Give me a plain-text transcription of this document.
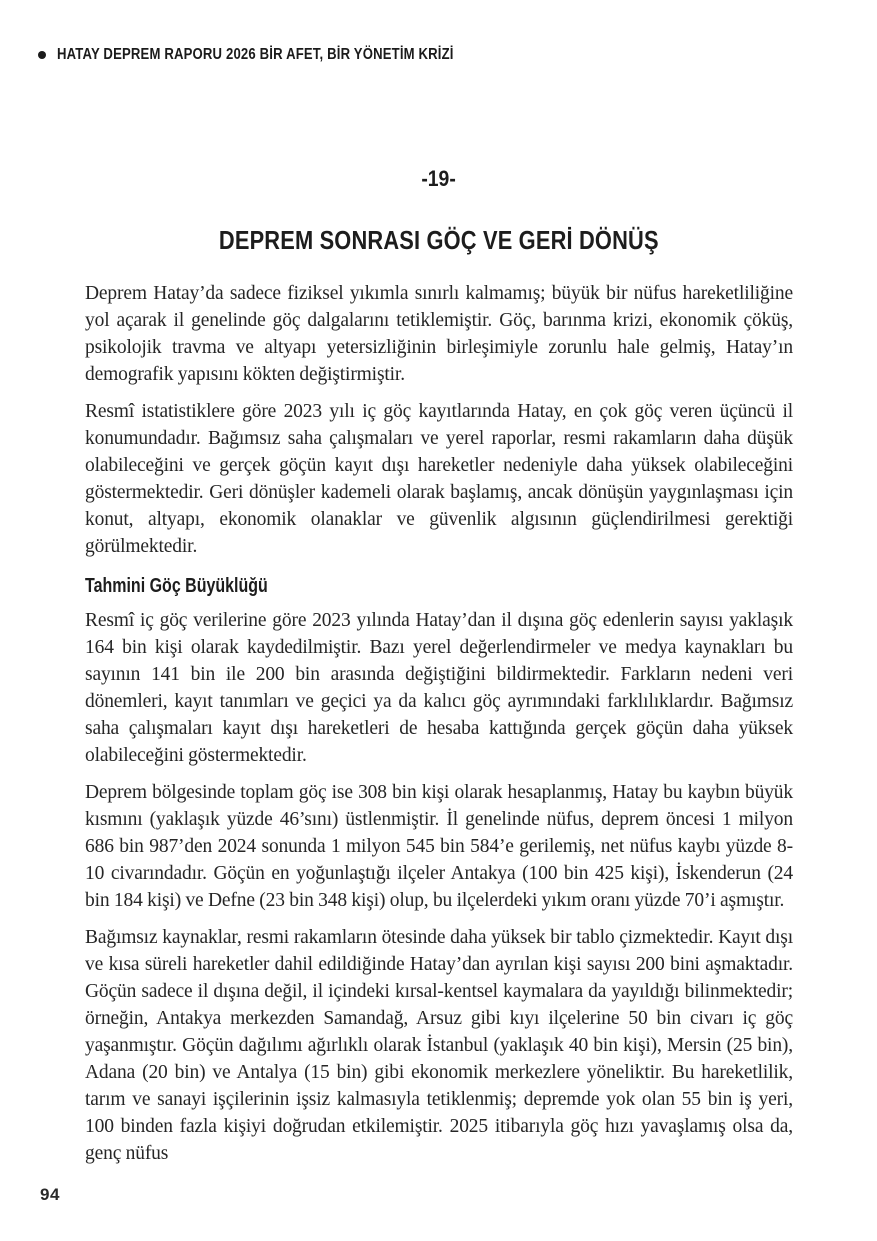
HATAY DEPREM RAPORU 2026 BİR AFET, BİR YÖNETİM KRİZİ
-19-
DEPREM SONRASI GÖÇ VE GERİ DÖNÜŞ

Deprem Hatay’da sadece fiziksel yıkımla sınırlı kalmamış; büyük bir nüfus hareketliliğine yol açarak il genelinde göç dalgalarını tetiklemiştir. Göç, barınma krizi, ekonomik çöküş, psikolojik travma ve altyapı yetersizliğinin birleşimiyle zorunlu hale gelmiş, Hatay’ın demografik yapısını kökten değiştirmiştir.

Resmî istatistiklere göre 2023 yılı iç göç kayıtlarında Hatay, en çok göç veren üçüncü il konumundadır. Bağımsız saha çalışmaları ve yerel raporlar, resmi rakamların daha düşük olabileceğini ve gerçek göçün kayıt dışı hareketler nedeniyle daha yüksek olabileceğini göstermektedir. Geri dönüşler kademeli olarak başlamış, ancak dönüşün yaygınlaşması için konut, altyapı, ekonomik olanaklar ve güvenlik algısının güçlendirilmesi gerektiği görülmektedir.

Tahmini Göç Büyüklüğü

Resmî iç göç verilerine göre 2023 yılında Hatay’dan il dışına göç edenlerin sayısı yaklaşık 164 bin kişi olarak kaydedilmiştir. Bazı yerel değerlendirmeler ve medya kaynakları bu sayının 141 bin ile 200 bin arasında değiştiğini bildirmektedir. Farkların nedeni veri dönemleri, kayıt tanımları ve geçici ya da kalıcı göç ayrımındaki farklılıklardır. Bağımsız saha çalışmaları kayıt dışı hareketleri de hesaba kattığında gerçek göçün daha yüksek olabileceğini göstermektedir.

Deprem bölgesinde toplam göç ise 308 bin kişi olarak hesaplanmış, Hatay bu kaybın büyük kısmını (yaklaşık yüzde 46’sını) üstlenmiştir. İl genelinde nüfus, deprem öncesi 1 milyon 686 bin 987’den 2024 sonunda 1 milyon 545 bin 584’e gerilemiş, net nüfus kaybı yüzde 8-10 civarındadır. Göçün en yoğunlaştığı ilçeler Antakya (100 bin 425 kişi), İskenderun (24 bin 184 kişi) ve Defne (23 bin 348 kişi) olup, bu ilçelerdeki yıkım oranı yüzde 70’i aşmıştır.

Bağımsız kaynaklar, resmi rakamların ötesinde daha yüksek bir tablo çizmektedir. Kayıt dışı ve kısa süreli hareketler dahil edildiğinde Hatay’dan ayrılan kişi sayısı 200 bini aşmaktadır. Göçün sadece il dışına değil, il içindeki kırsal-kentsel kaymalara da yayıldığı bilinmektedir; örneğin, Antakya merkezden Samandağ, Arsuz gibi kıyı ilçelerine 50 bin civarı iç göç yaşanmıştır. Göçün dağılımı ağırlıklı olarak İstanbul (yaklaşık 40 bin kişi), Mersin (25 bin), Adana (20 bin) ve Antalya (15 bin) gibi ekonomik merkezlere yöneliktir. Bu hareketlilik, tarım ve sanayi işçilerinin işsiz kalmasıyla tetiklenmiş; depremde yok olan 55 bin iş yeri, 100 binden fazla kişiyi doğrudan etkilemiştir. 2025 itibarıyla göç hızı yavaşlamış olsa da, genç nüfus

94
